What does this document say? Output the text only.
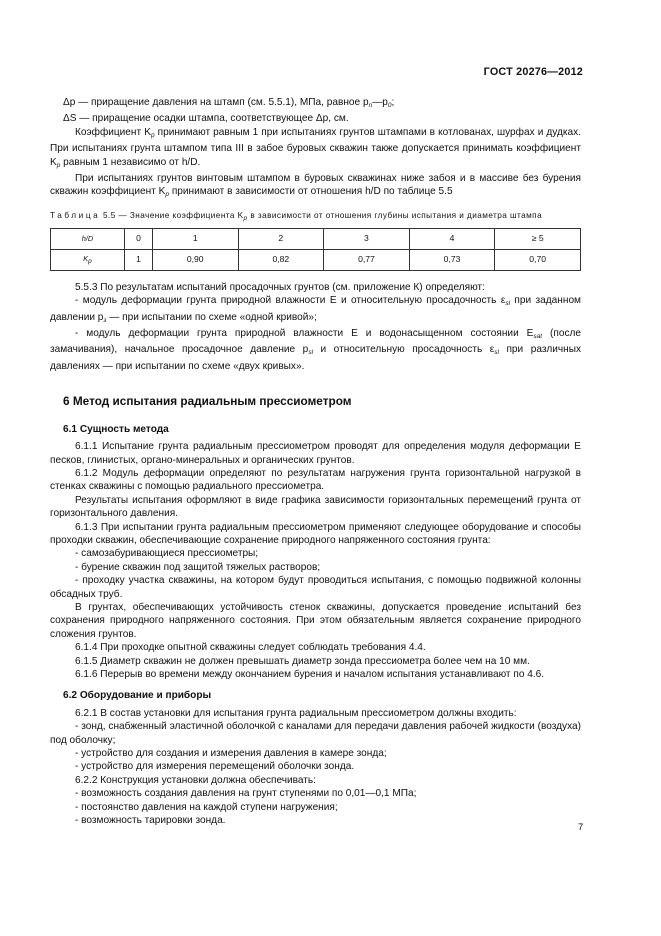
ГОСТ 20276—2012

Δp — приращение давления на штамп (см. 5.5.1), МПа, равное $p_n—p_0$;

ΔS — приращение осадки штампа, соответствующее Δp, см.

Коэффициент $K_p$ принимают равным 1 при испытаниях грунтов штампами в котлованах, шурфах и дудках. При испытаниях грунта штампом типа III в забое буровых скважин также допускается принимать коэффициент $K_p$ равным 1 независимо от h/D.

При испытаниях грунтов винтовым штампом в буровых скважинах ниже забоя и в массиве без бурения скважин коэффициент $K_p$ принимают в зависимости от отношения h/D по таблице 5.5

Таблица 5.5 — Значение коэффициента $K_p$ в зависимости от отношения глубины испытания и диаметра штампа

h/D	0	1	2	3	4	≥ 5
Kp	1	0,90	0,82	0,77	0,73	0,70

5.5.3 По результатам испытаний просадочных грунтов (см. приложение К) определяют:

- модуль деформации грунта природной влажности E и относительную просадочность $\varepsilon_{sl}$ при заданном давлении $p_з$ — при испытании по схеме «одной кривой»;

- модуль деформации грунта природной влажности E и водонасыщенном состоянии $E_{sat}$ (после замачивания), начальное просадочное давление $p_{sl}$ и относительную просадочность $\varepsilon_{sl}$ при различных давлениях — при испытании по схеме «двух кривых».

6 Метод испытания радиальным прессиометром
6.1 Сущность метода

6.1.1 Испытание грунта радиальным прессиометром проводят для определения модуля деформации E песков, глинистых, органо-минеральных и органических грунтов.

6.1.2 Модуль деформации определяют по результатам нагружения грунта горизонтальной нагрузкой в стенках скважины с помощью радиального прессиометра.

Результаты испытания оформляют в виде графика зависимости горизонтальных перемещений грунта от горизонтального давления.

6.1.3 При испытании грунта радиальным прессиометром применяют следующее оборудование и способы проходки скважин, обеспечивающие сохранение природного напряженного состояния грунта:

- самозабуривающиеся прессиометры;

- бурение скважин под защитой тяжелых растворов;

- проходку участка скважины, на котором будут проводиться испытания, с помощью подвижной колонны обсадных труб.

В грунтах, обеспечивающих устойчивость стенок скважины, допускается проведение испытаний без сохранения природного напряженного состояния. При этом обязательным является сохранение природного сложения грунтов.

6.1.4 При проходке опытной скважины следует соблюдать требования 4.4.

6.1.5 Диаметр скважин не должен превышать диаметр зонда прессиометра более чем на 10 мм.

6.1.6 Перерыв во времени между окончанием бурения и началом испытания устанавливают по 4.6.

6.2 Оборудование и приборы

6.2.1 В состав установки для испытания грунта радиальным прессиометром должны входить:

- зонд, снабженный эластичной оболочкой с каналами для передачи давления рабочей жидкости (воздуха) под оболочку;

- устройство для создания и измерения давления в камере зонда;

- устройство для измерения перемещений оболочки зонда.

6.2.2 Конструкция установки должна обеспечивать:

- возможность создания давления на грунт ступенями по 0,01—0,1 МПа;

- постоянство давления на каждой ступени нагружения;

- возможность тарировки зонда.

7
